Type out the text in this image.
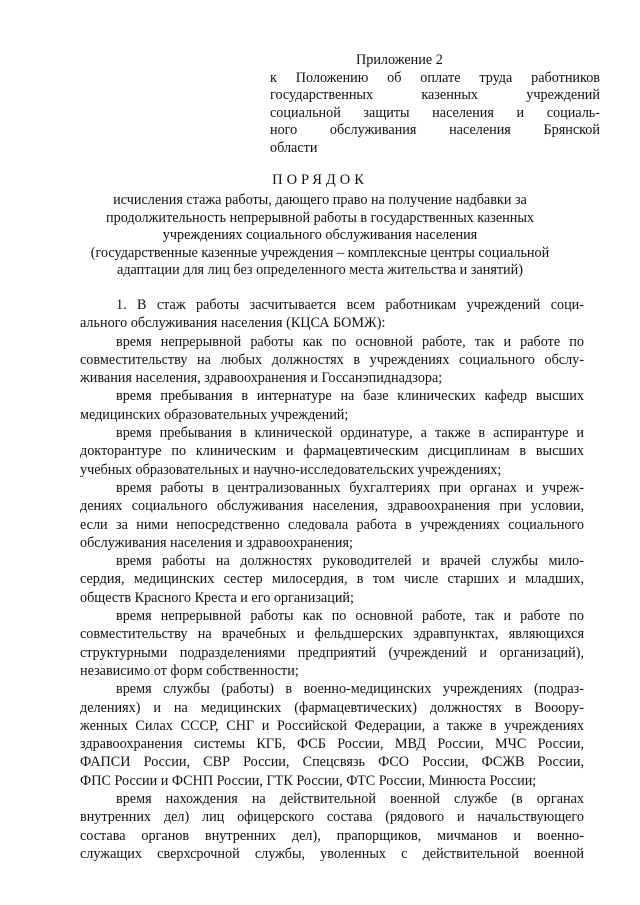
Приложение 2
к Положению об оплате труда работников
государственных казенных учреждений
социальной защиты населения и социаль-
ного обслуживания населения Брянской
области
ПОРЯДОК
исчисления стажа работы, дающего право на получение надбавки за
продолжительность непрерывной работы в государственных казенных
учреждениях социального обслуживания населения
(государственные казенные учреждения – комплексные центры социальной
адаптации для лиц без определенного места жительства и занятий)
1. В стаж работы засчитывается всем работникам учреждений соци-
ального обслуживания населения (КЦСА БОМЖ):
время непрерывной работы как по основной работе, так и работе по
совместительству на любых должностях в учреждениях социального обслу-
живания населения, здравоохранения и Госсанэпиднадзора;
время пребывания в интернатуре на базе клинических кафедр высших
медицинских образовательных учреждений;
время пребывания в клинической ординатуре, а также в аспирантуре и
докторантуре по клиническим и фармацевтическим дисциплинам в высших
учебных образовательных и научно-исследовательских учреждениях;
время работы в централизованных бухгалтериях при органах и учреж-
дениях социального обслуживания населения, здравоохранения при условии,
если за ними непосредственно следовала работа в учреждениях социального
обслуживания населения и здравоохранения;
время работы на должностях руководителей и врачей службы мило-
сердия, медицинских сестер милосердия, в том числе старших и младших,
обществ Красного Креста и его организаций;
время непрерывной работы как по основной работе, так и работе по
совместительству на врачебных и фельдшерских здравпунктах, являющихся
структурными подразделениями предприятий (учреждений и организаций),
независимо от форм собственности;
время службы (работы) в военно-медицинских учреждениях (подраз-
делениях) и на медицинских (фармацевтических) должностях в Вооору-
женных Силах СССР, СНГ и Российской Федерации, а также в учреждениях
здравоохранения системы КГБ, ФСБ России, МВД России, МЧС России,
ФАПСИ России, СВР России, Спецсвязь ФСО России, ФСЖВ России,
ФПС России и ФСНП России, ГТК России, ФТС России, Минюста России;
время нахождения на действительной военной службе (в органах
внутренних дел) лиц офицерского состава (рядового и начальствующего
состава органов внутренних дел), прапорщиков, мичманов и военно-
служащих сверхсрочной службы, уволенных с действительной военной
